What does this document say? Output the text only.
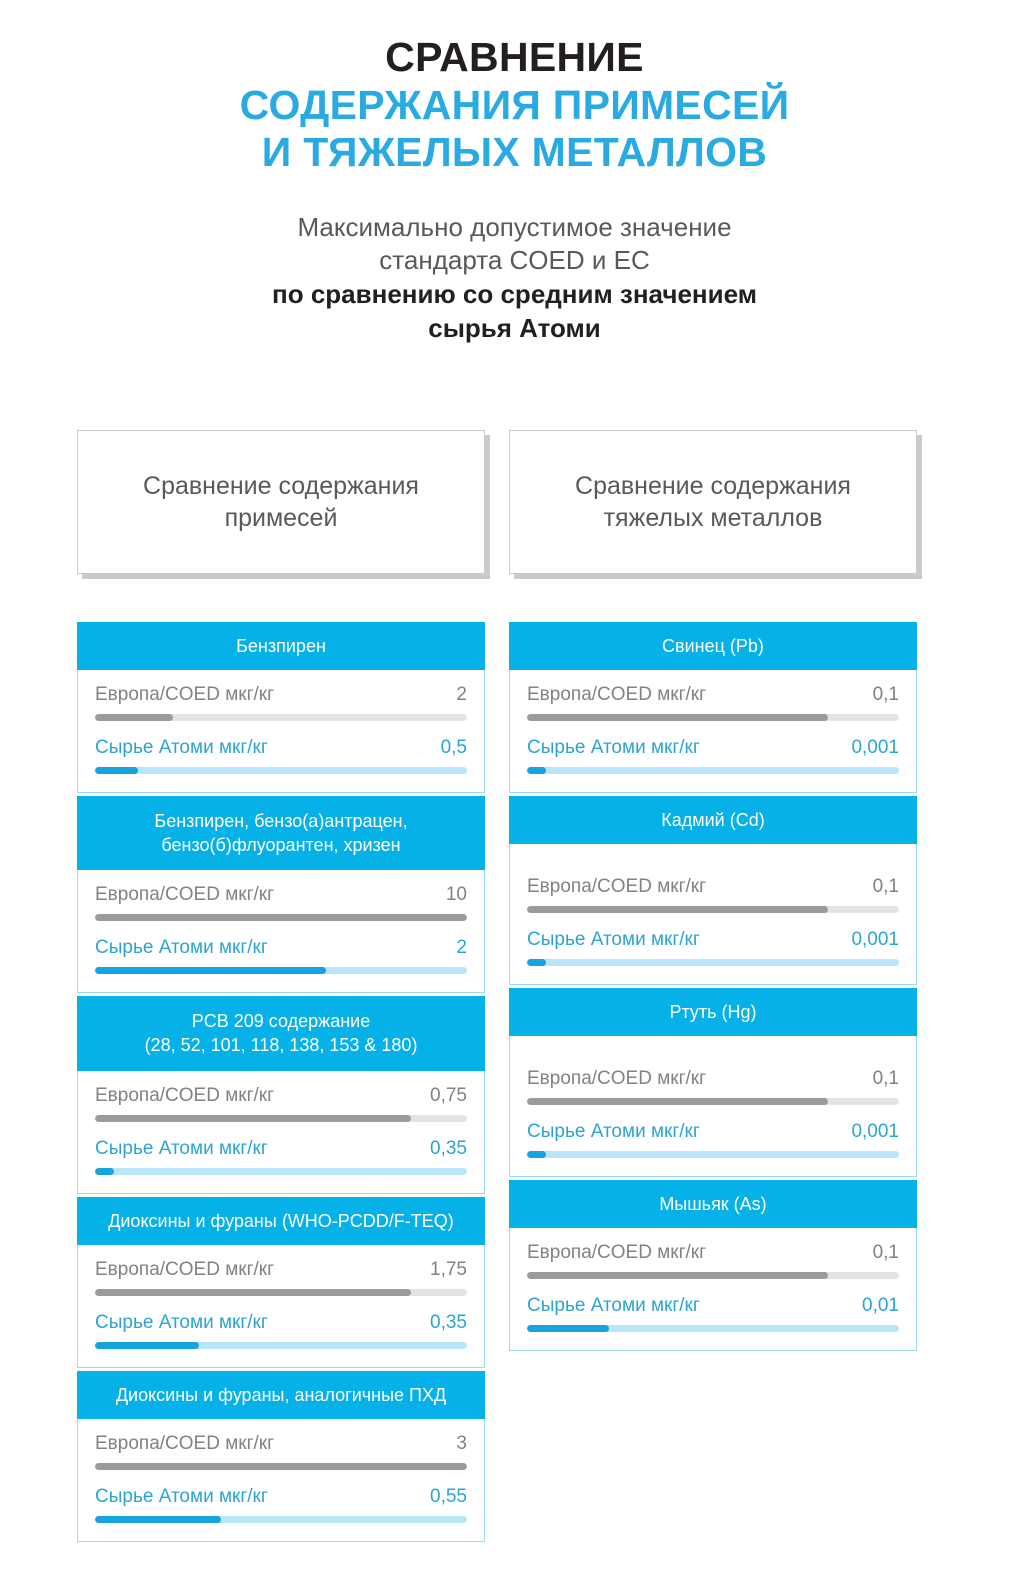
СРАВНЕНИЕ
СОДЕРЖАНИЯ ПРИМЕСЕЙ
И ТЯЖЕЛЫХ МЕТАЛЛОВ
Максимально допустимое значение
стандарта COED и EC
по сравнению со средним значением
сырья Атоми
Сравнение содержания примесей
Сравнение содержания тяжелых металлов
Бензпирен
Европа/COED мкг/кг	2
Сырье Атоми мкг/кг	0,5
Бензпирен, бензо(а)антрацен,
бензо(б)флуорантен, хризен
Европа/COED мкг/кг	10
Сырье Атоми мкг/кг	2
PCB 209 содержание
(28, 52, 101, 118, 138, 153 & 180)
Европа/COED мкг/кг	0,75
Сырье Атоми мкг/кг	0,35
Диоксины и фураны (WHO-PCDD/F-TEQ)
Европа/COED мкг/кг	1,75
Сырье Атоми мкг/кг	0,35
Диоксины и фураны, аналогичные ПХД
Европа/COED мкг/кг	3
Сырье Атоми мкг/кг	0,55
Свинец (Pb)
Европа/COED мкг/кг	0,1
Сырье Атоми мкг/кг	0,001
Кадмий (Cd)
Европа/COED мкг/кг	0,1
Сырье Атоми мкг/кг	0,001
Ртуть (Hg)
Европа/COED мкг/кг	0,1
Сырье Атоми мкг/кг	0,001
Мышьяк (As)
Европа/COED мкг/кг	0,1
Сырье Атоми мкг/кг	0,01
